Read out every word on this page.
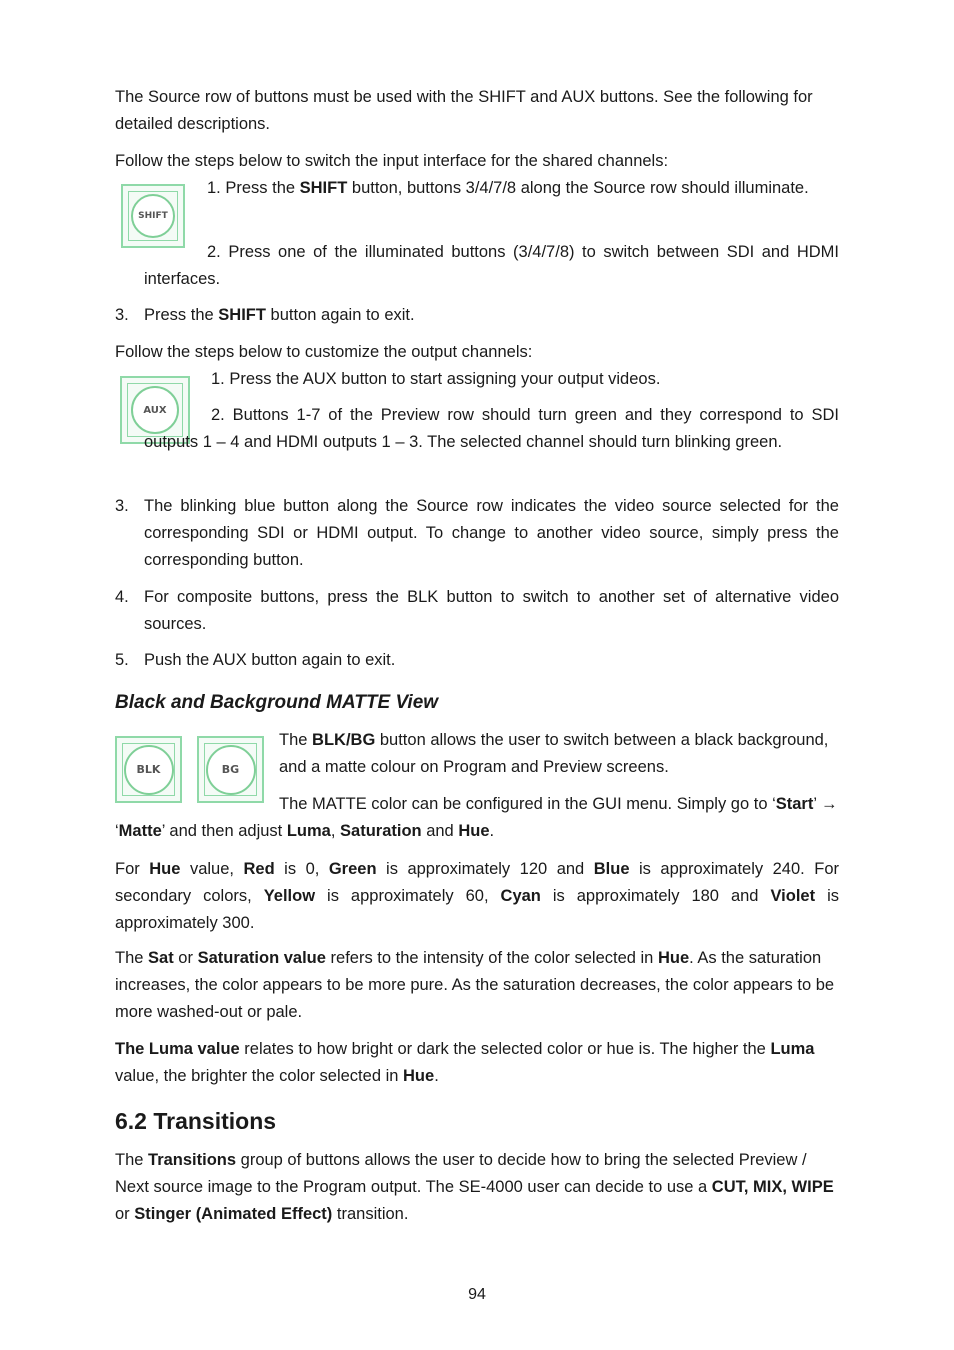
The Source row of buttons must be used with the SHIFT and AUX buttons. See the following for detailed descriptions.

Follow the steps below to switch the input interface for the shared channels:

SHIFT

1. Press the SHIFT button, buttons 3/4/7/8 along the Source row should illuminate.

2. Press one of the illuminated buttons (3/4/7/8) to switch between SDI and HDMI interfaces.

3. Press the SHIFT button again to exit.

Follow the steps below to customize the output channels:

AUX

1. Press the AUX button to start assigning your output videos.

2. Buttons 1-7 of the Preview row should turn green and they correspond to SDI outputs 1 – 4 and HDMI outputs 1 – 3. The selected channel should turn blinking green.

3. The blinking blue button along the Source row indicates the video source selected for the corresponding SDI or HDMI output. To change to another video source, simply press the corresponding button.
4. For composite buttons, press the BLK button to switch to another set of alternative video sources.
5. Push the AUX button again to exit.
Black and Background MATTE View
BLK	BG

The BLK/BG button allows the user to switch between a black background, and a matte colour on Program and Preview screens.

The MATTE color can be configured in the GUI menu. Simply go to ‘Start’ → ‘Matte’ and then adjust Luma, Saturation and Hue.

For Hue value, Red is 0, Green is approximately 120 and Blue is approximately 240. For secondary colors, Yellow is approximately 60, Cyan is approximately 180 and Violet is approximately 300.

The Sat or Saturation value refers to the intensity of the color selected in Hue. As the saturation increases, the color appears to be more pure. As the saturation decreases, the color appears to be more washed-out or pale.

The Luma value relates to how bright or dark the selected color or hue is. The higher the Luma value, the brighter the color selected in Hue.

6.2 Transitions

The Transitions group of buttons allows the user to decide how to bring the selected Preview / Next source image to the Program output. The SE-4000 user can decide to use a CUT, MIX, WIPE or Stinger (Animated Effect) transition.

94
